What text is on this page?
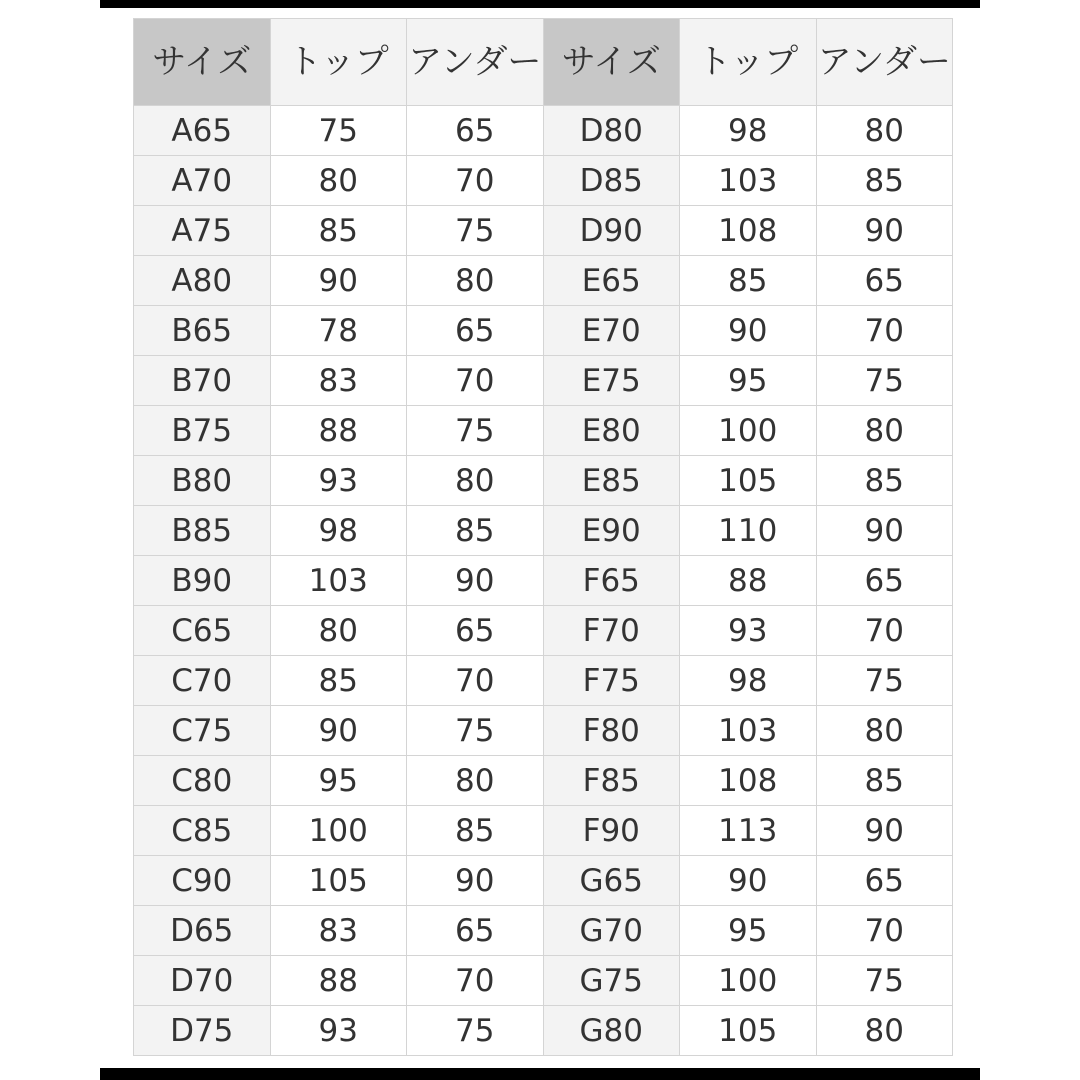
サイズ	トップ	アンダー	サイズ	トップ	アンダー
A65	75	65	D80	98	80
A70	80	70	D85	103	85
A75	85	75	D90	108	90
A80	90	80	E65	85	65
B65	78	65	E70	90	70
B70	83	70	E75	95	75
B75	88	75	E80	100	80
B80	93	80	E85	105	85
B85	98	85	E90	110	90
B90	103	90	F65	88	65
C65	80	65	F70	93	70
C70	85	70	F75	98	75
C75	90	75	F80	103	80
C80	95	80	F85	108	85
C85	100	85	F90	113	90
C90	105	90	G65	90	65
D65	83	65	G70	95	70
D70	88	70	G75	100	75
D75	93	75	G80	105	80
